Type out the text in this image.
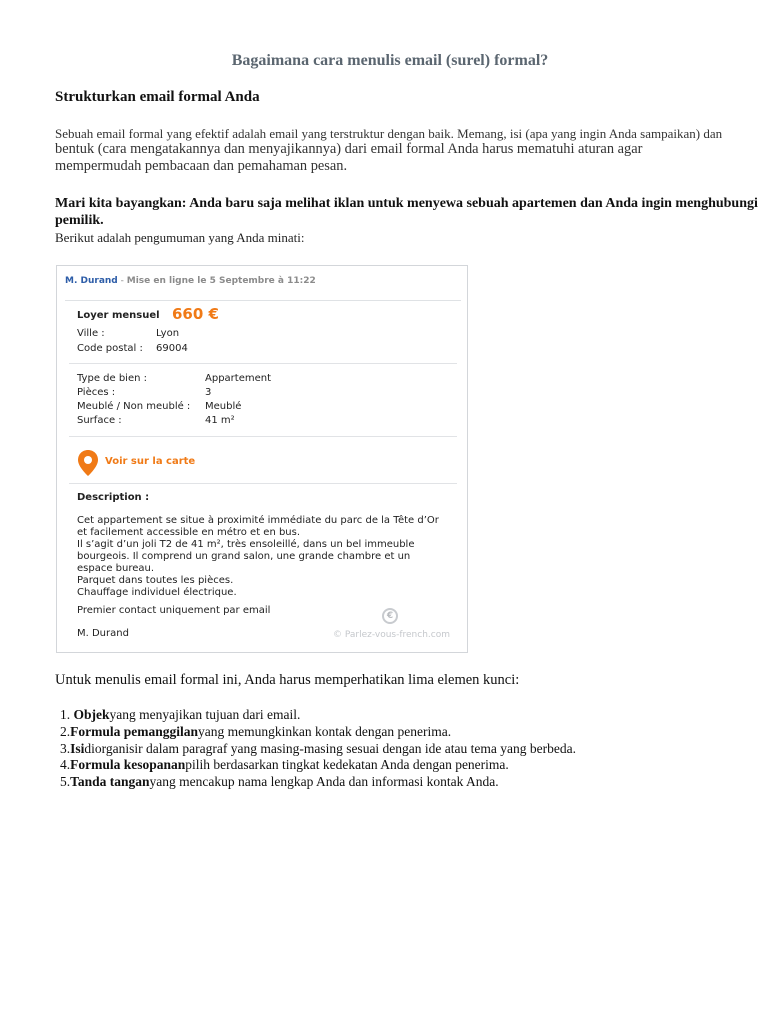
Bagaimana cara menulis email (surel) formal?
Strukturkan email formal Anda
Sebuah email formal yang efektif adalah email yang terstruktur dengan baik. Memang, isi (apa yang ingin Anda sampaikan) dan
bentuk (cara mengatakannya dan menyajikannya) dari email formal Anda harus mematuhi aturan agar
mempermudah pembacaan dan pemahaman pesan.
Mari kita bayangkan: Anda baru saja melihat iklan untuk menyewa sebuah apartemen dan Anda ingin menghubungi
pemilik.
Berikut adalah pengumuman yang Anda minati:
M. Durand - Mise en ligne le 5 Septembre à 11:22
Loyer mensuel 660 €
Ville :	Lyon
Code postal : 69004
Type de bien :	Appartement
Pièces :	3
Meublé / Non meublé : Meublé
Surface :	41 m²
Voir sur la carte
Description :
Cet appartement se situe à proximité immédiate du parc de la Tête d’Or
et facilement accessible en métro et en bus.
Il s’agit d’un joli T2 de 41 m², très ensoleillé, dans un bel immeuble
bourgeois. Il comprend un grand salon, une grande chambre et un
espace bureau.
Parquet dans toutes les pièces.
Chauffage individuel électrique.
Premier contact uniquement par email
M. Durand
€
© Parlez-vous-french.com
Untuk menulis email formal ini, Anda harus memperhatikan lima elemen kunci:
1. Objekyang menyajikan tujuan dari email.
2.Formula pemanggilanyang memungkinkan kontak dengan penerima.
3.Isidiorganisir dalam paragraf yang masing-masing sesuai dengan ide atau tema yang berbeda.
4.Formula kesopananpilih berdasarkan tingkat kedekatan Anda dengan penerima.
5.Tanda tanganyang mencakup nama lengkap Anda dan informasi kontak Anda.
